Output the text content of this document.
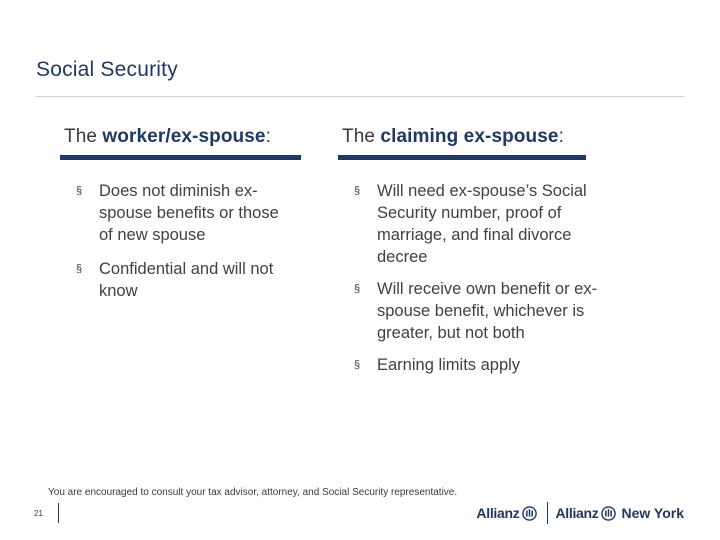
Social Security
The worker/ex-spouse:	The claiming ex-spouse:
§	Does not diminish ex-spouse benefits or those of new spouse
§	Confidential and will not know
§	Will need ex-spouse’s Social Security number, proof of marriage, and final divorce decree
§	Will receive own benefit or ex-spouse benefit, whichever is greater, but not both
§	Earning limits apply
You are encouraged to consult your tax advisor, attorney, and Social Security representative.
21	Allianz	Allianz New York
